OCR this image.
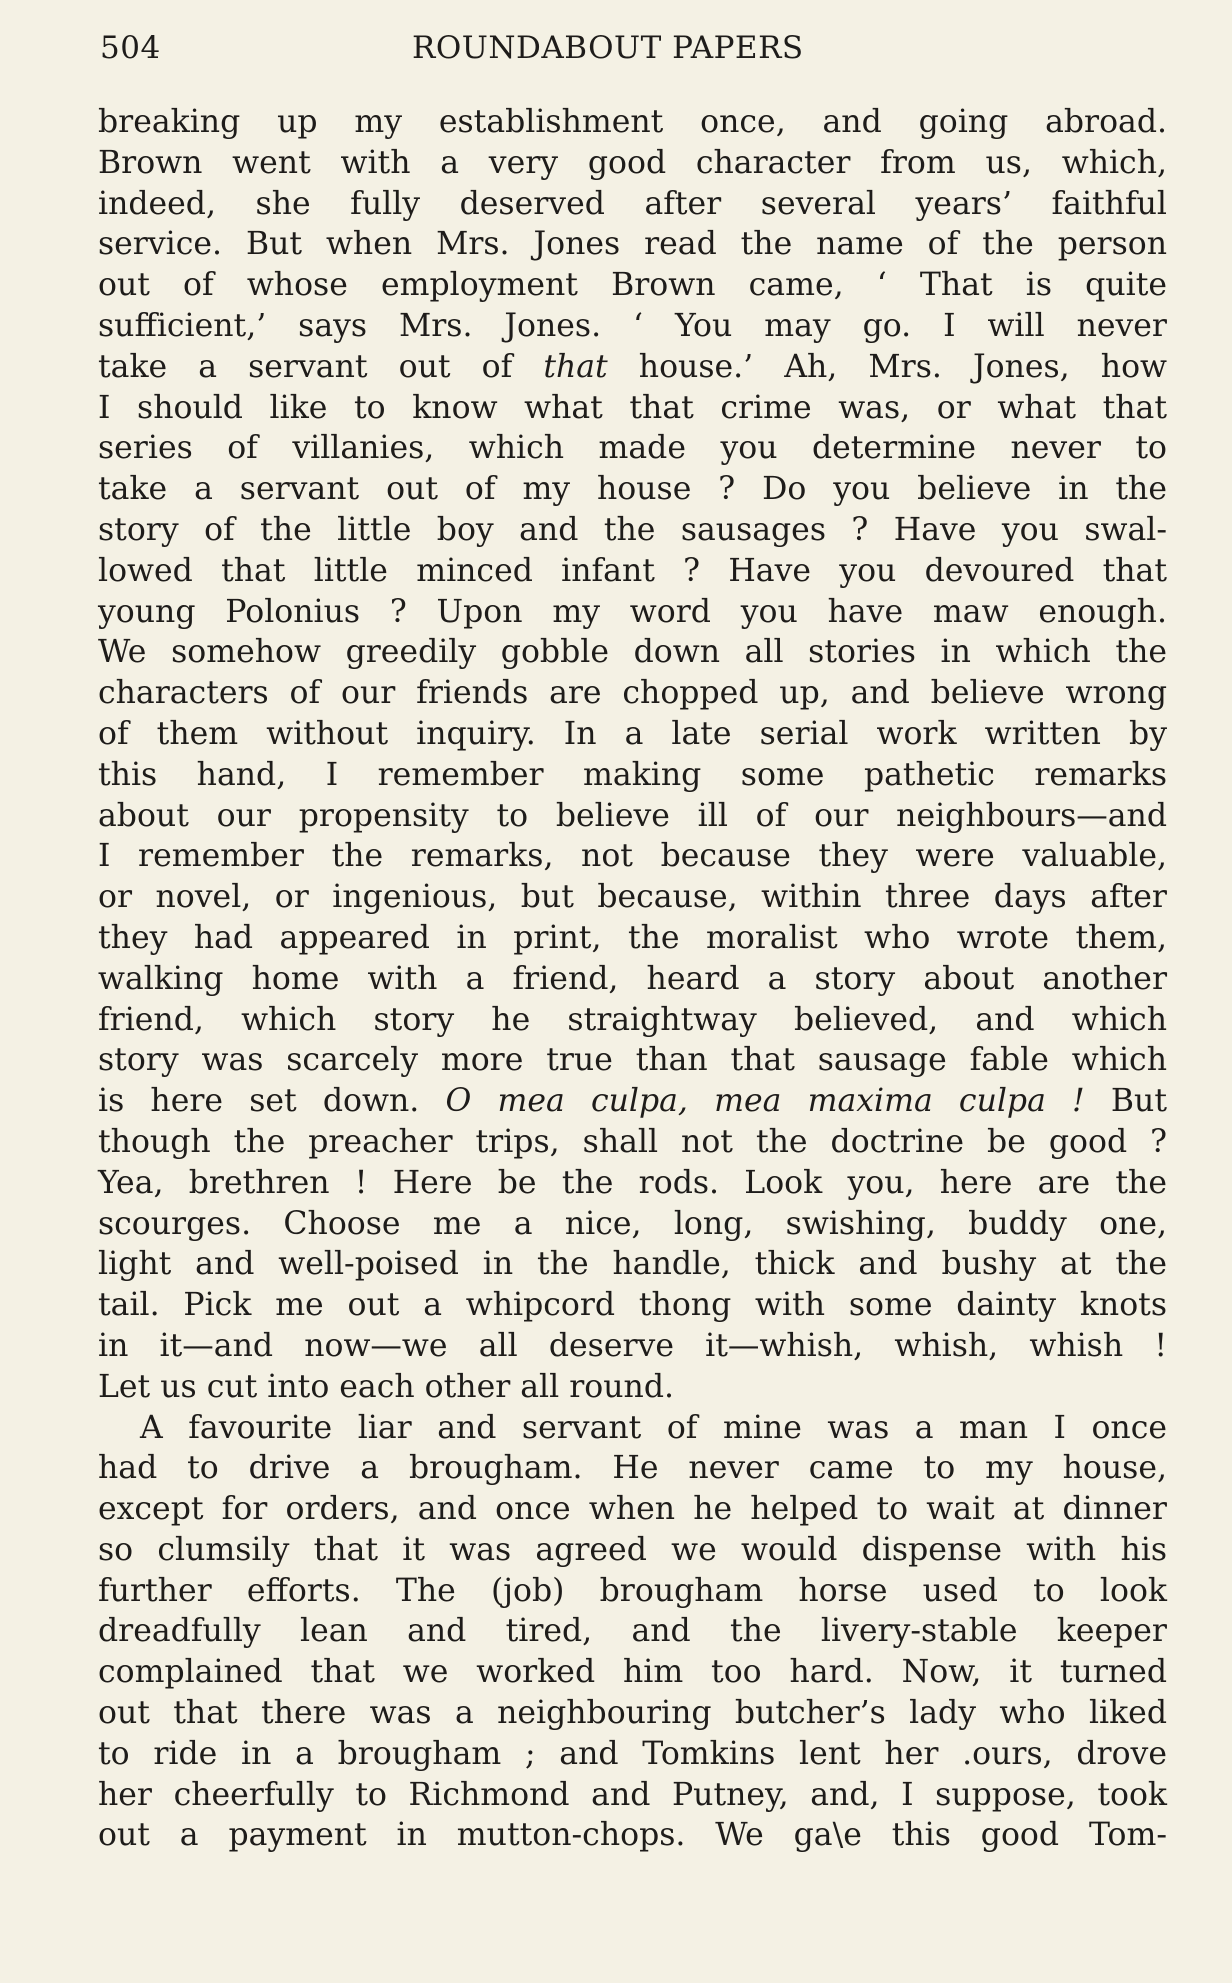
504	ROUNDABOUT PAPERS
breaking up my establishment once, and going abroad.
Brown went with a very good character from us, which,
indeed, she fully deserved after several years’ faithful
service. But when Mrs. Jones read the name of the person
out of whose employment Brown came, ‘ That is quite
sufficient,’ says Mrs. Jones. ‘ You may go. I will never
take a servant out of that house.’ Ah, Mrs. Jones, how
I should like to know what that crime was, or what that
series of villanies, which made you determine never to
take a servant out of my house ? Do you believe in the
story of the little boy and the sausages ? Have you swal-
lowed that little minced infant ? Have you devoured that
young Polonius ? Upon my word you have maw enough.
We somehow greedily gobble down all stories in which the
characters of our friends are chopped up, and believe wrong
of them without inquiry. In a late serial work written by
this hand, I remember making some pathetic remarks
about our propensity to believe ill of our neighbours—and
I remember the remarks, not because they were valuable,
or novel, or ingenious, but because, within three days after
they had appeared in print, the moralist who wrote them,
walking home with a friend, heard a story about another
friend, which story he straightway believed, and which
story was scarcely more true than that sausage fable which
is here set down. O mea culpa, mea maxima culpa ! But
though the preacher trips, shall not the doctrine be good ?
Yea, brethren ! Here be the rods. Look you, here are the
scourges. Choose me a nice, long, swishing, buddy one,
light and well-poised in the handle, thick and bushy at the
tail. Pick me out a whipcord thong with some dainty knots
in it—and now—we all deserve it—whish, whish, whish !
Let us cut into each other all round.
A favourite liar and servant of mine was a man I once
had to drive a brougham. He never came to my house,
except for orders, and once when he helped to wait at dinner
so clumsily that it was agreed we would dispense with his
further efforts. The (job) brougham horse used to look
dreadfully lean and tired, and the livery-stable keeper
complained that we worked him too hard. Now, it turned
out that there was a neighbouring butcher’s lady who liked
to ride in a brougham ; and Tomkins lent her .ours, drove
her cheerfully to Richmond and Putney, and, I suppose, took
out a payment in mutton-chops. We ga\e this good Tom-
